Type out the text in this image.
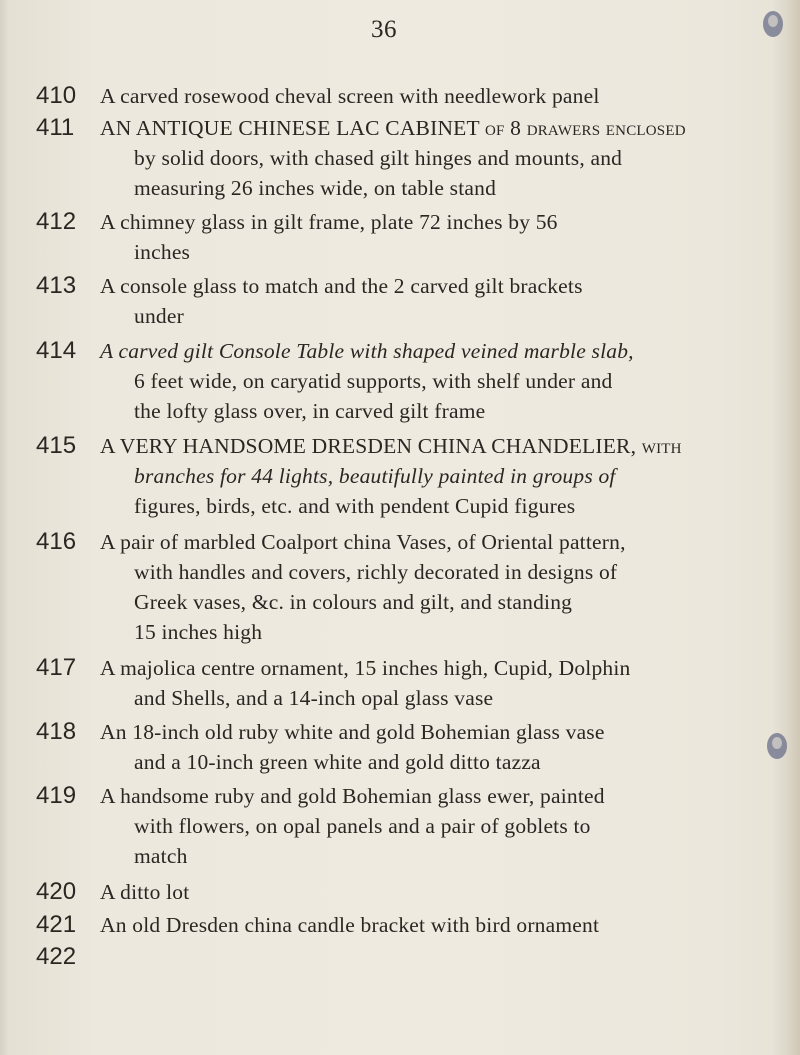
36
410	A carved rosewood cheval screen with needlework panel
411	AN ANTIQUE CHINESE LAC CABINET of 8 drawers enclosed
by solid doors, with chased gilt hinges and mounts, and
measuring 26 inches wide, on table stand
412	A chimney glass in gilt frame, plate 72 inches by 56
inches
413	A console glass to match and the 2 carved gilt brackets
under
414	A carved gilt Console Table with shaped veined marble slab,
6 feet wide, on caryatid supports, with shelf under and
the lofty glass over, in carved gilt frame
415	A VERY HANDSOME DRESDEN CHINA CHANDELIER, with
branches for 44 lights, beautifully painted in groups of
figures, birds, etc. and with pendent Cupid figures
416	A pair of marbled Coalport china Vases, of Oriental pattern,
with handles and covers, richly decorated in designs of
Greek vases, &c. in colours and gilt, and standing
15 inches high
417	A majolica centre ornament, 15 inches high, Cupid, Dolphin
and Shells, and a 14-inch opal glass vase
418	An 18-inch old ruby white and gold Bohemian glass vase
and a 10-inch green white and gold ditto tazza
419	A handsome ruby and gold Bohemian glass ewer, painted
with flowers, on opal panels and a pair of goblets to
match
420	A ditto lot
421	An old Dresden china candle bracket with bird ornament
422
